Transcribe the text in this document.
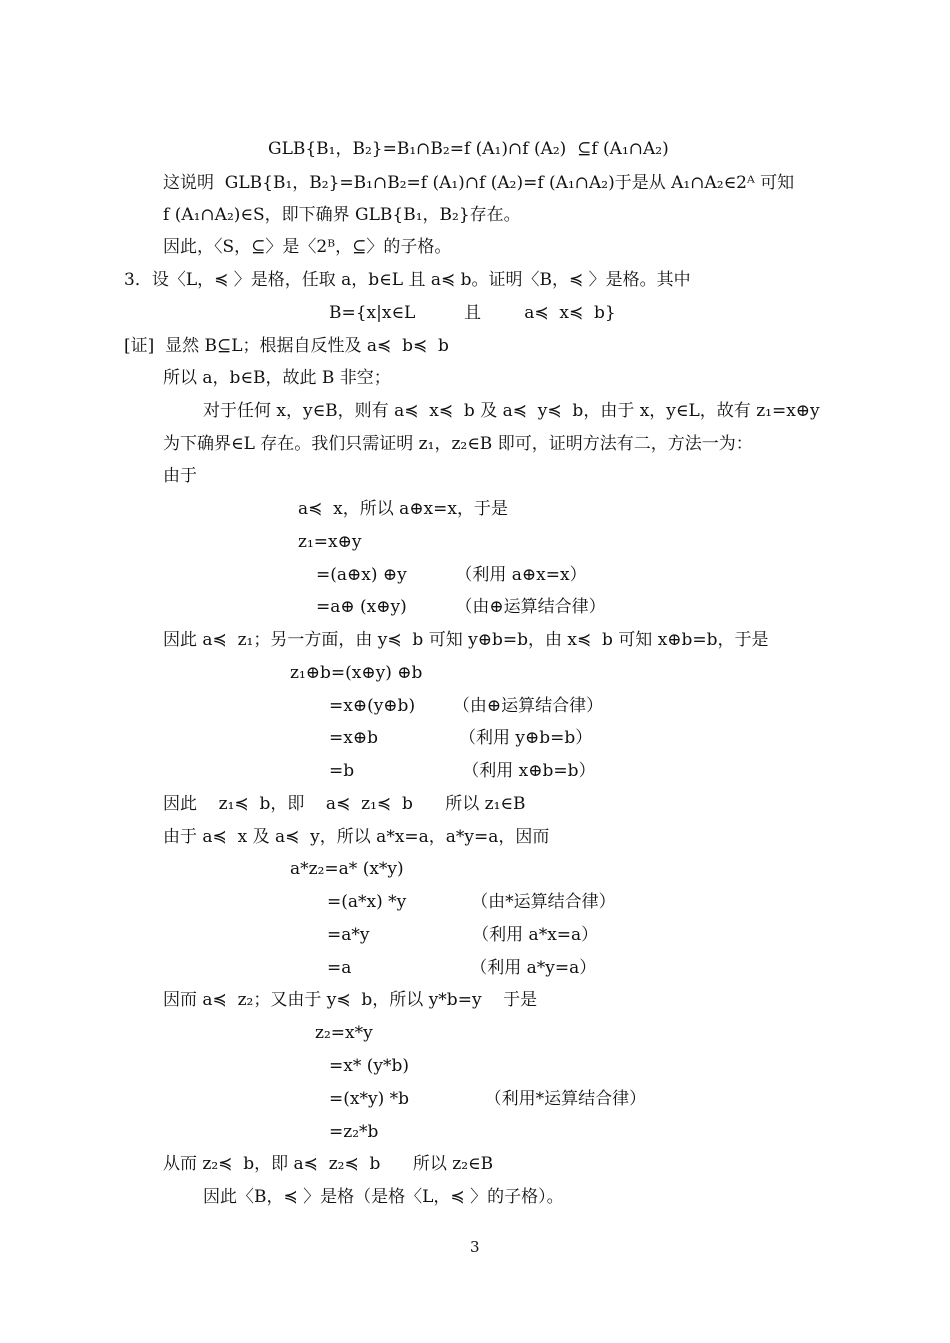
GLB{B₁，B₂}=B₁∩B₂=f (A₁)∩f (A₂)  ⊆f (A₁∩A₂)

这说明  GLB{B₁，B₂}=B₁∩B₂=f (A₁)∩f (A₂)=f (A₁∩A₂)于是从 A₁∩A₂∈2ᴬ 可知

f (A₁∩A₂)∈S，即下确界 GLB{B₁，B₂}存在。

因此，〈S，⊆〉是〈2ᴮ，⊆〉的子格。

3．设〈L，≼ 〉是格，任取 a，b∈L 且 a≼ b。证明〈B，≼ 〉是格。其中

B={x|x∈L         且        a≼  x≼  b}

[证]  显然 B⊆L；根据自反性及 a≼  b≼  b

所以 a，b∈B，故此 B 非空；

对于任何 x，y∈B，则有 a≼  x≼  b 及 a≼  y≼  b，由于 x，y∈L，故有 z₁=x⊕y

为下确界∈L 存在。我们只需证明 z₁，z₂∈B 即可，证明方法有二，方法一为：

由于

a≼  x，所以 a⊕x=x，于是

z₁=x⊕y

=(a⊕x) ⊕y         （利用 a⊕x=x）

=a⊕ (x⊕y)         （由⊕运算结合律）

因此 a≼  z₁；另一方面，由 y≼  b 可知 y⊕b=b，由 x≼  b 可知 x⊕b=b，于是

z₁⊕b=(x⊕y) ⊕b

=x⊕(y⊕b)       （由⊕运算结合律）

=x⊕b               （利用 y⊕b=b）

=b                    （利用 x⊕b=b）

因此    z₁≼  b，即    a≼  z₁≼  b      所以 z₁∈B

由于 a≼  x 及 a≼  y，所以 a*x=a，a*y=a，因而

a*z₂=a* (x*y)

=(a*x) *y            （由*运算结合律）

=a*y                   （利用 a*x=a）

=a                      （利用 a*y=a）

因而 a≼  z₂；又由于 y≼  b，所以 y*b=y    于是

z₂=x*y

=x* (y*b)

=(x*y) *b              （利用*运算结合律）

=z₂*b

从而 z₂≼  b，即 a≼  z₂≼  b      所以 z₂∈B

因此〈B，≼ 〉是格（是格〈L，≼ 〉的子格）。

3
